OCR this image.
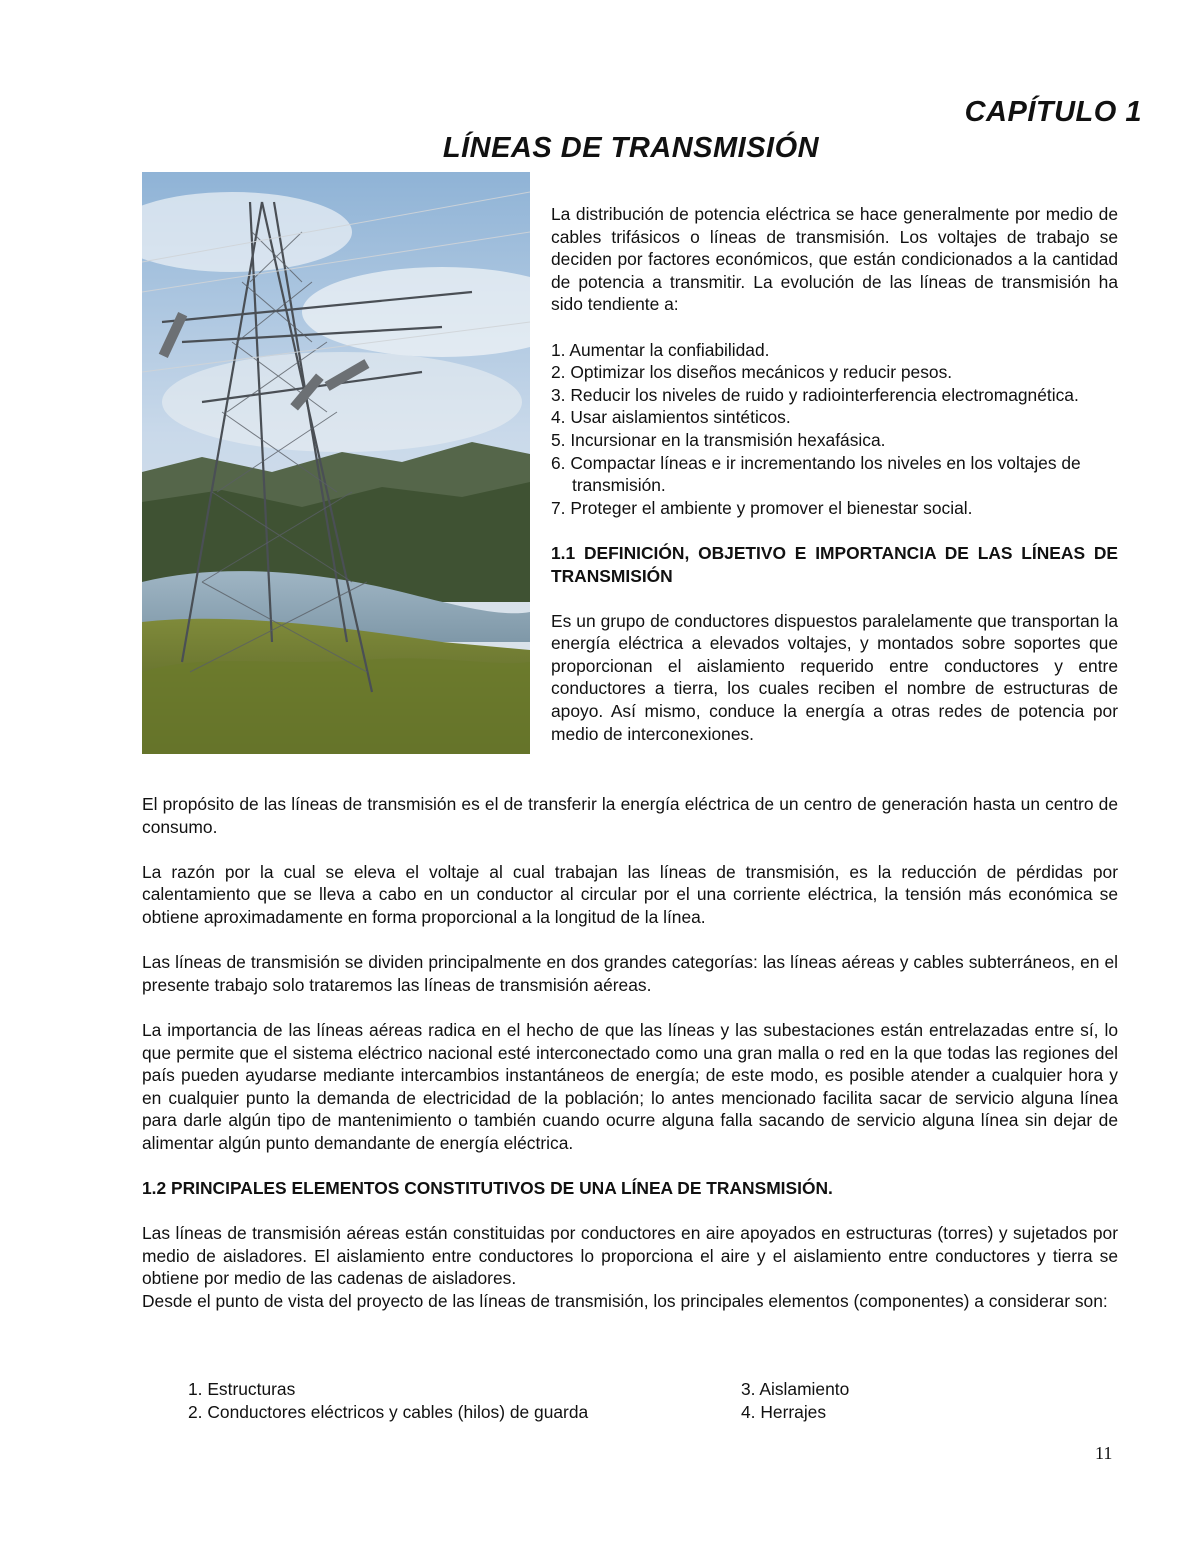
CAPÍTULO 1
LÍNEAS DE TRANSMISIÓN

La distribución de potencia eléctrica se hace generalmente por medio de cables trifásicos o líneas de transmisión. Los voltajes de trabajo se deciden por factores económicos, que están condicionados a la cantidad de potencia a transmitir. La evolución de las líneas de transmisión ha sido tendiente a:

1. Aumentar la confiabilidad.
2. Optimizar los diseños mecánicos y reducir pesos.
3. Reducir los niveles de ruido y radiointerferencia electromagnética.
4. Usar aislamientos sintéticos.
5. Incursionar en la transmisión hexafásica.
6. Compactar líneas e ir incrementando los niveles en los voltajes de transmisión.
7. Proteger el ambiente y promover el bienestar social.

1.1 DEFINICIÓN, OBJETIVO E IMPORTANCIA DE LAS LÍNEAS DE TRANSMISIÓN

Es un grupo de conductores dispuestos paralelamente que transportan la energía eléctrica a elevados voltajes, y montados sobre soportes que proporcionan el aislamiento requerido entre conductores y entre conductores a tierra, los cuales reciben el nombre de estructuras de apoyo. Así mismo, conduce la energía a otras redes de potencia por medio de interconexiones.

El propósito de las líneas de transmisión es el de transferir la energía eléctrica de un centro de generación hasta un centro de consumo.

La razón por la cual se eleva el voltaje al cual trabajan las líneas de transmisión, es la reducción de pérdidas por calentamiento que se lleva a cabo en un conductor al circular por el una corriente eléctrica, la tensión más económica se obtiene aproximadamente en forma proporcional a la longitud de la línea.

Las líneas de transmisión se dividen principalmente en dos grandes categorías: las líneas aéreas y cables subterráneos, en el presente trabajo solo trataremos las líneas de transmisión aéreas.

La importancia de las líneas aéreas radica en el hecho de que las líneas y las subestaciones están entrelazadas entre sí, lo que permite que el sistema eléctrico nacional esté interconectado como una gran malla o red en la que todas las regiones del país pueden ayudarse mediante intercambios instantáneos de energía; de este modo, es posible atender a cualquier hora y en cualquier punto la demanda de electricidad de la población; lo antes mencionado facilita sacar de servicio alguna línea para darle algún tipo de mantenimiento o también cuando ocurre alguna falla sacando de servicio alguna línea sin dejar de alimentar algún punto demandante de energía eléctrica.

1.2 PRINCIPALES ELEMENTOS CONSTITUTIVOS DE UNA LÍNEA DE TRANSMISIÓN.

Las líneas de transmisión aéreas están constituidas por conductores en aire apoyados en estructuras (torres) y sujetados por medio de aisladores. El aislamiento entre conductores lo proporciona el aire y el aislamiento entre conductores y tierra se obtiene por medio de las cadenas de aisladores.

Desde el punto de vista del proyecto de las líneas de transmisión, los principales elementos (componentes) a considerar son:

1. Estructuras	3. Aislamiento
2. Conductores eléctricos y cables (hilos) de guarda	4. Herrajes
11
